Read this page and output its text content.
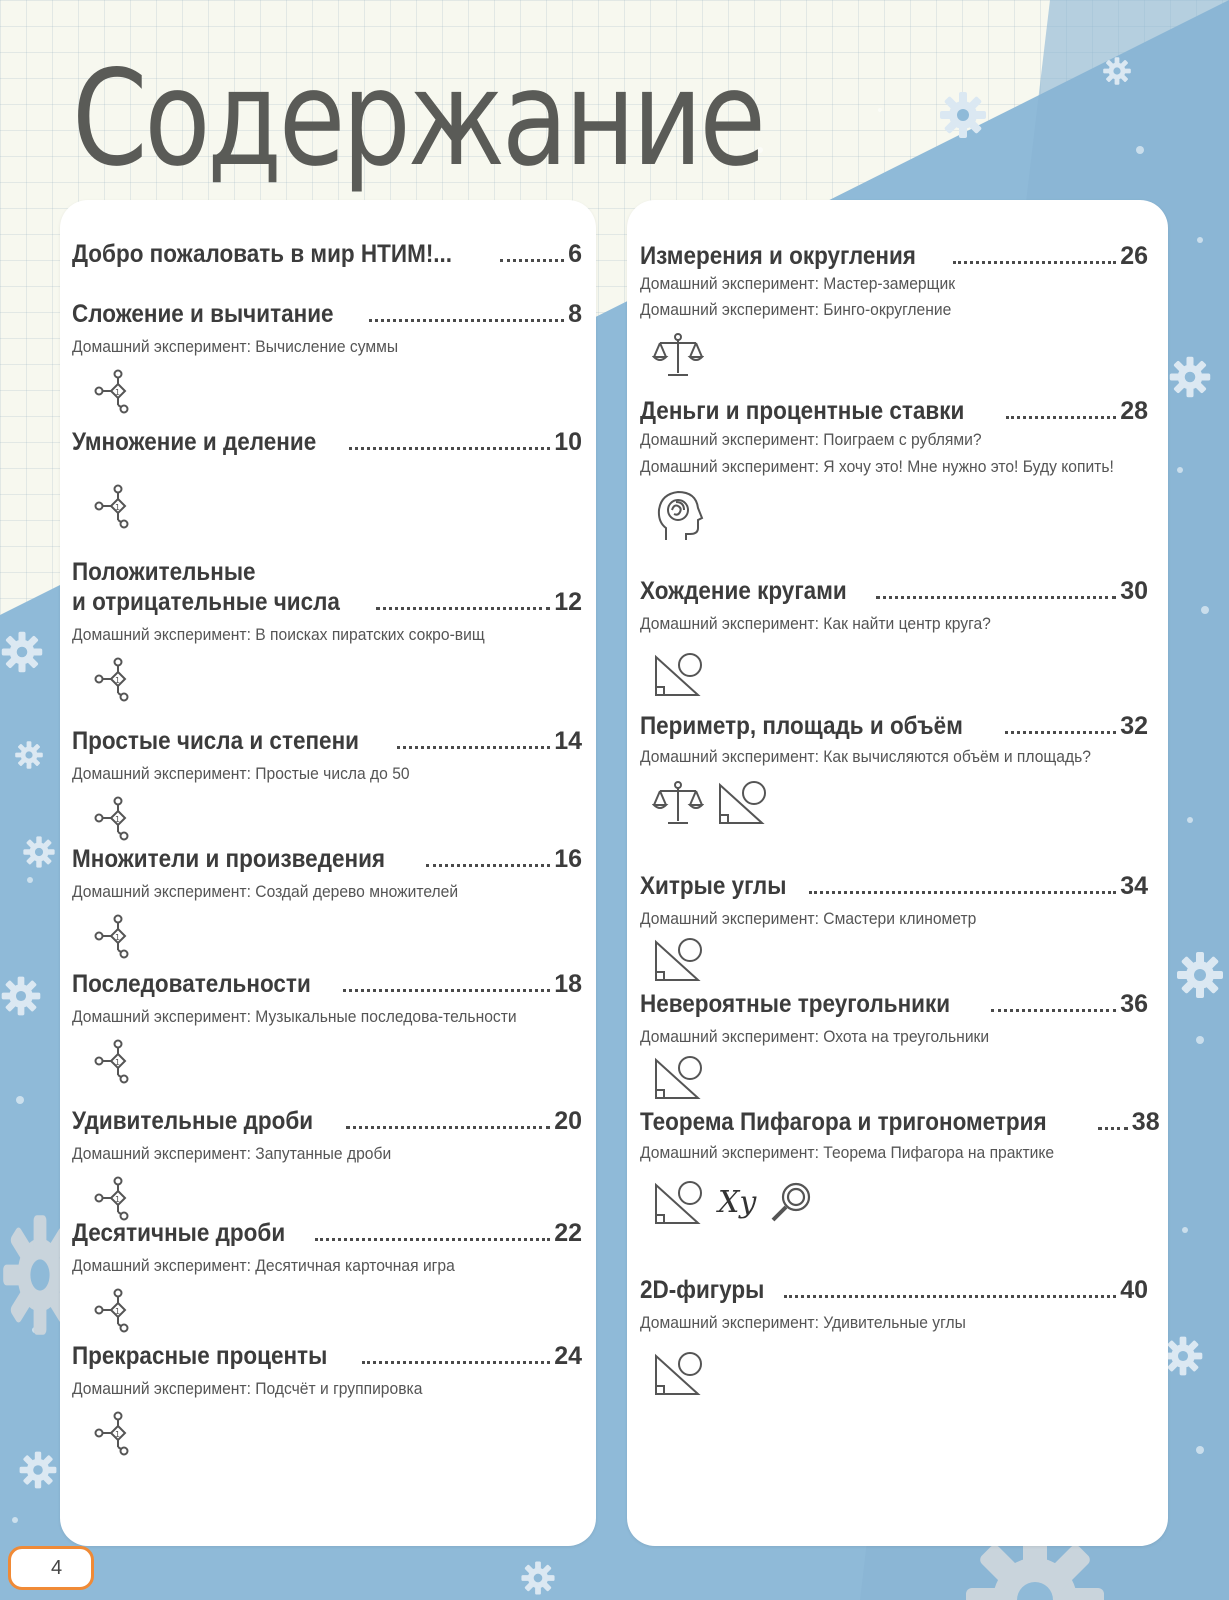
Содержание
Добро пожаловать в мир НТИМ!...	6
Сложение и вычитание	8
Домашний эксперимент: Вычисление суммы
1
Умножение и деление	10
1
Положительные
и отрицательные числа	12
Домашний эксперимент: В поисках пиратских сокро-вищ
1
Простые числа и степени	14
Домашний эксперимент: Простые числа до 50
1
Множители и произведения	16
Домашний эксперимент: Создай дерево множителей
1
Последовательности	18
Домашний эксперимент: Музыкальные последова-тельности
1
Удивительные дроби	20
Домашний эксперимент: Запутанные дроби
1
Десятичные дроби	22
Домашний эксперимент: Десятичная карточная игра
1
Прекрасные проценты	24
Домашний эксперимент: Подсчёт и группировка
1
Измерения и округления	26
Домашний эксперимент: Мастер-замерщик
Домашний эксперимент: Бинго-округление
Деньги и процентные ставки	28
Домашний эксперимент: Поиграем с рублями?
Домашний эксперимент: Я хочу это! Мне нужно это! Буду копить!
Хождение кругами	30
Домашний эксперимент: Как найти центр круга?
Периметр, площадь и объём	32
Домашний эксперимент: Как вычисляются объём и площадь?
Хитрые углы	34
Домашний эксперимент: Смастери клинометр
Невероятные треугольники	36
Домашний эксперимент: Охота на треугольники
Теорема Пифагора и тригонометрия	38
Домашний эксперимент: Теорема Пифагора на практике
Xy
2D-фигуры	40
Домашний эксперимент: Удивительные углы
4
